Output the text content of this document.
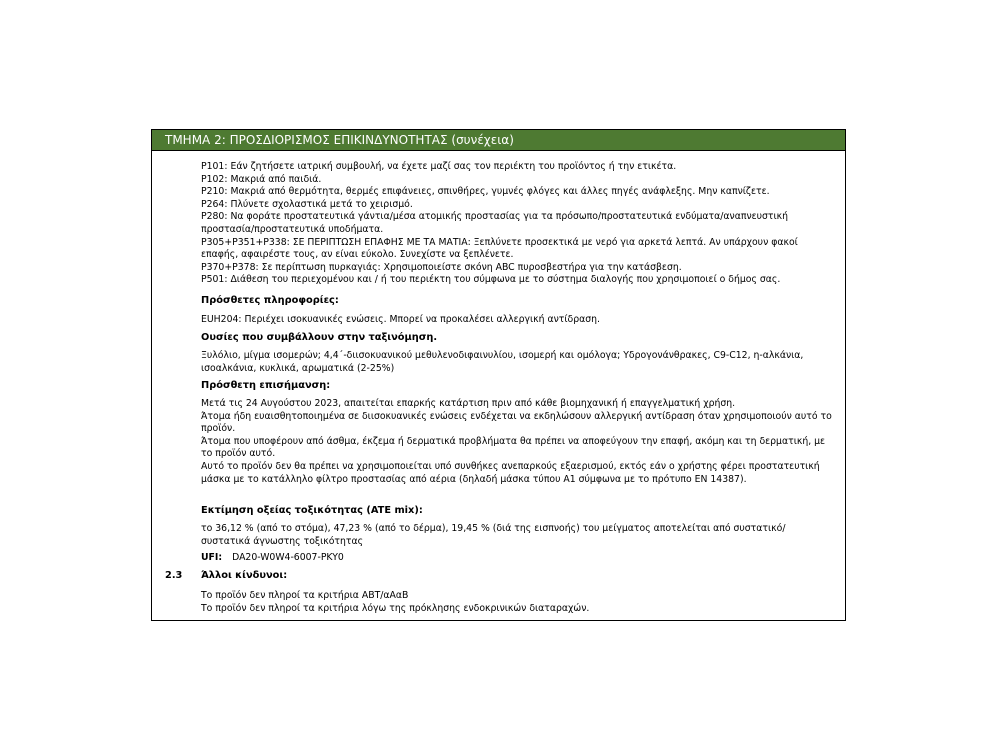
ΤΜΗΜΑ 2: ΠΡΟΣΔΙΟΡΙΣΜΟΣ ΕΠΙΚΙΝΔΥΝΟΤΗΤΑΣ (συνέχεια)
P101: Εάν ζητήσετε ιατρική συμβουλή, να έχετε μαζί σας τον περιέκτη του προϊόντος ή την ετικέτα.
P102: Μακριά από παιδιά.
P210: Μακριά από θερμότητα, θερμές επιφάνειες, σπινθήρες, γυμνές φλόγες και άλλες πηγές ανάφλεξης. Μην καπνίζετε.
P264: Πλύνετε σχολαστικά μετά το χειρισμό.
P280: Να φοράτε προστατευτικά γάντια/μέσα ατομικής προστασίας για τα πρόσωπο/προστατευτικά ενδύματα/αναπνευστική προστασία/προστατευτικά υποδήματα.
P305+P351+P338: ΣΕ ΠΕΡΙΠΤΩΣΗ ΕΠΑΦΗΣ ΜΕ ΤΑ ΜΑΤΙΑ: Ξεπλύνετε προσεκτικά με νερό για αρκετά λεπτά. Αν υπάρχουν φακοί επαφής, αφαιρέστε τους, αν είναι εύκολο. Συνεχίστε να ξεπλένετε.
P370+P378: Σε περίπτωση πυρκαγιάς: Χρησιμοποιείστε σκόνη ABC πυροσβεστήρα για την κατάσβεση.
P501: Διάθεση του περιεχομένου και / ή του περιέκτη του σύμφωνα με το σύστημα διαλογής που χρησιμοποιεί ο δήμος σας.
Πρόσθετες πληροφορίες:
EUH204: Περιέχει ισοκυανικές ενώσεις. Μπορεί να προκαλέσει αλλεργική αντίδραση.
Ουσίες που συμβάλλουν στην ταξινόμηση.
Ξυλόλιο, μίγμα ισομερών; 4,4΄-διισοκυανικού μεθυλενοδιφαινυλίου, ισομερή και ομόλογα; Υδρογονάνθρακες, C9-C12, η-αλκάνια, ισοαλκάνια, κυκλικά, αρωματικά (2-25%)
Πρόσθετη επισήμανση:
Μετά τις 24 Αυγούστου 2023, απαιτείται επαρκής κατάρτιση πριν από κάθε βιομηχανική ή επαγγελματική χρήση.
Άτομα ήδη ευαισθητοποιημένα σε διισοκυανικές ενώσεις ενδέχεται να εκδηλώσουν αλλεργική αντίδραση όταν χρησιμοποιούν αυτό το προϊόν.
Άτομα που υποφέρουν από άσθμα, έκζεμα ή δερματικά προβλήματα θα πρέπει να αποφεύγουν την επαφή, ακόμη και τη δερματική, με το προϊόν αυτό.
Αυτό το προϊόν δεν θα πρέπει να χρησιμοποιείται υπό συνθήκες ανεπαρκούς εξαερισμού, εκτός εάν ο χρήστης φέρει προστατευτική μάσκα με το κατάλληλο φίλτρο προστασίας από αέρια (δηλαδή μάσκα τύπου A1 σύμφωνα με το πρότυπο EN 14387).
Εκτίμηση οξείας τοξικότητας (ATE mix):
το 36,12 % (από το στόμα), 47,23 % (από το δέρμα), 19,45 % (διά της εισπνοής) του μείγματος αποτελείται από συστατικό/συστατικά άγνωστης τοξικότητας
UFI: DA20-W0W4-6007-PKY0
2.3 Άλλοι κίνδυνοι:
Το προϊόν δεν πληροί τα κριτήρια ΑΒΤ/αΑαΒ
Το προϊόν δεν πληροί τα κριτήρια λόγω της πρόκλησης ενδοκρινικών διαταραχών.
